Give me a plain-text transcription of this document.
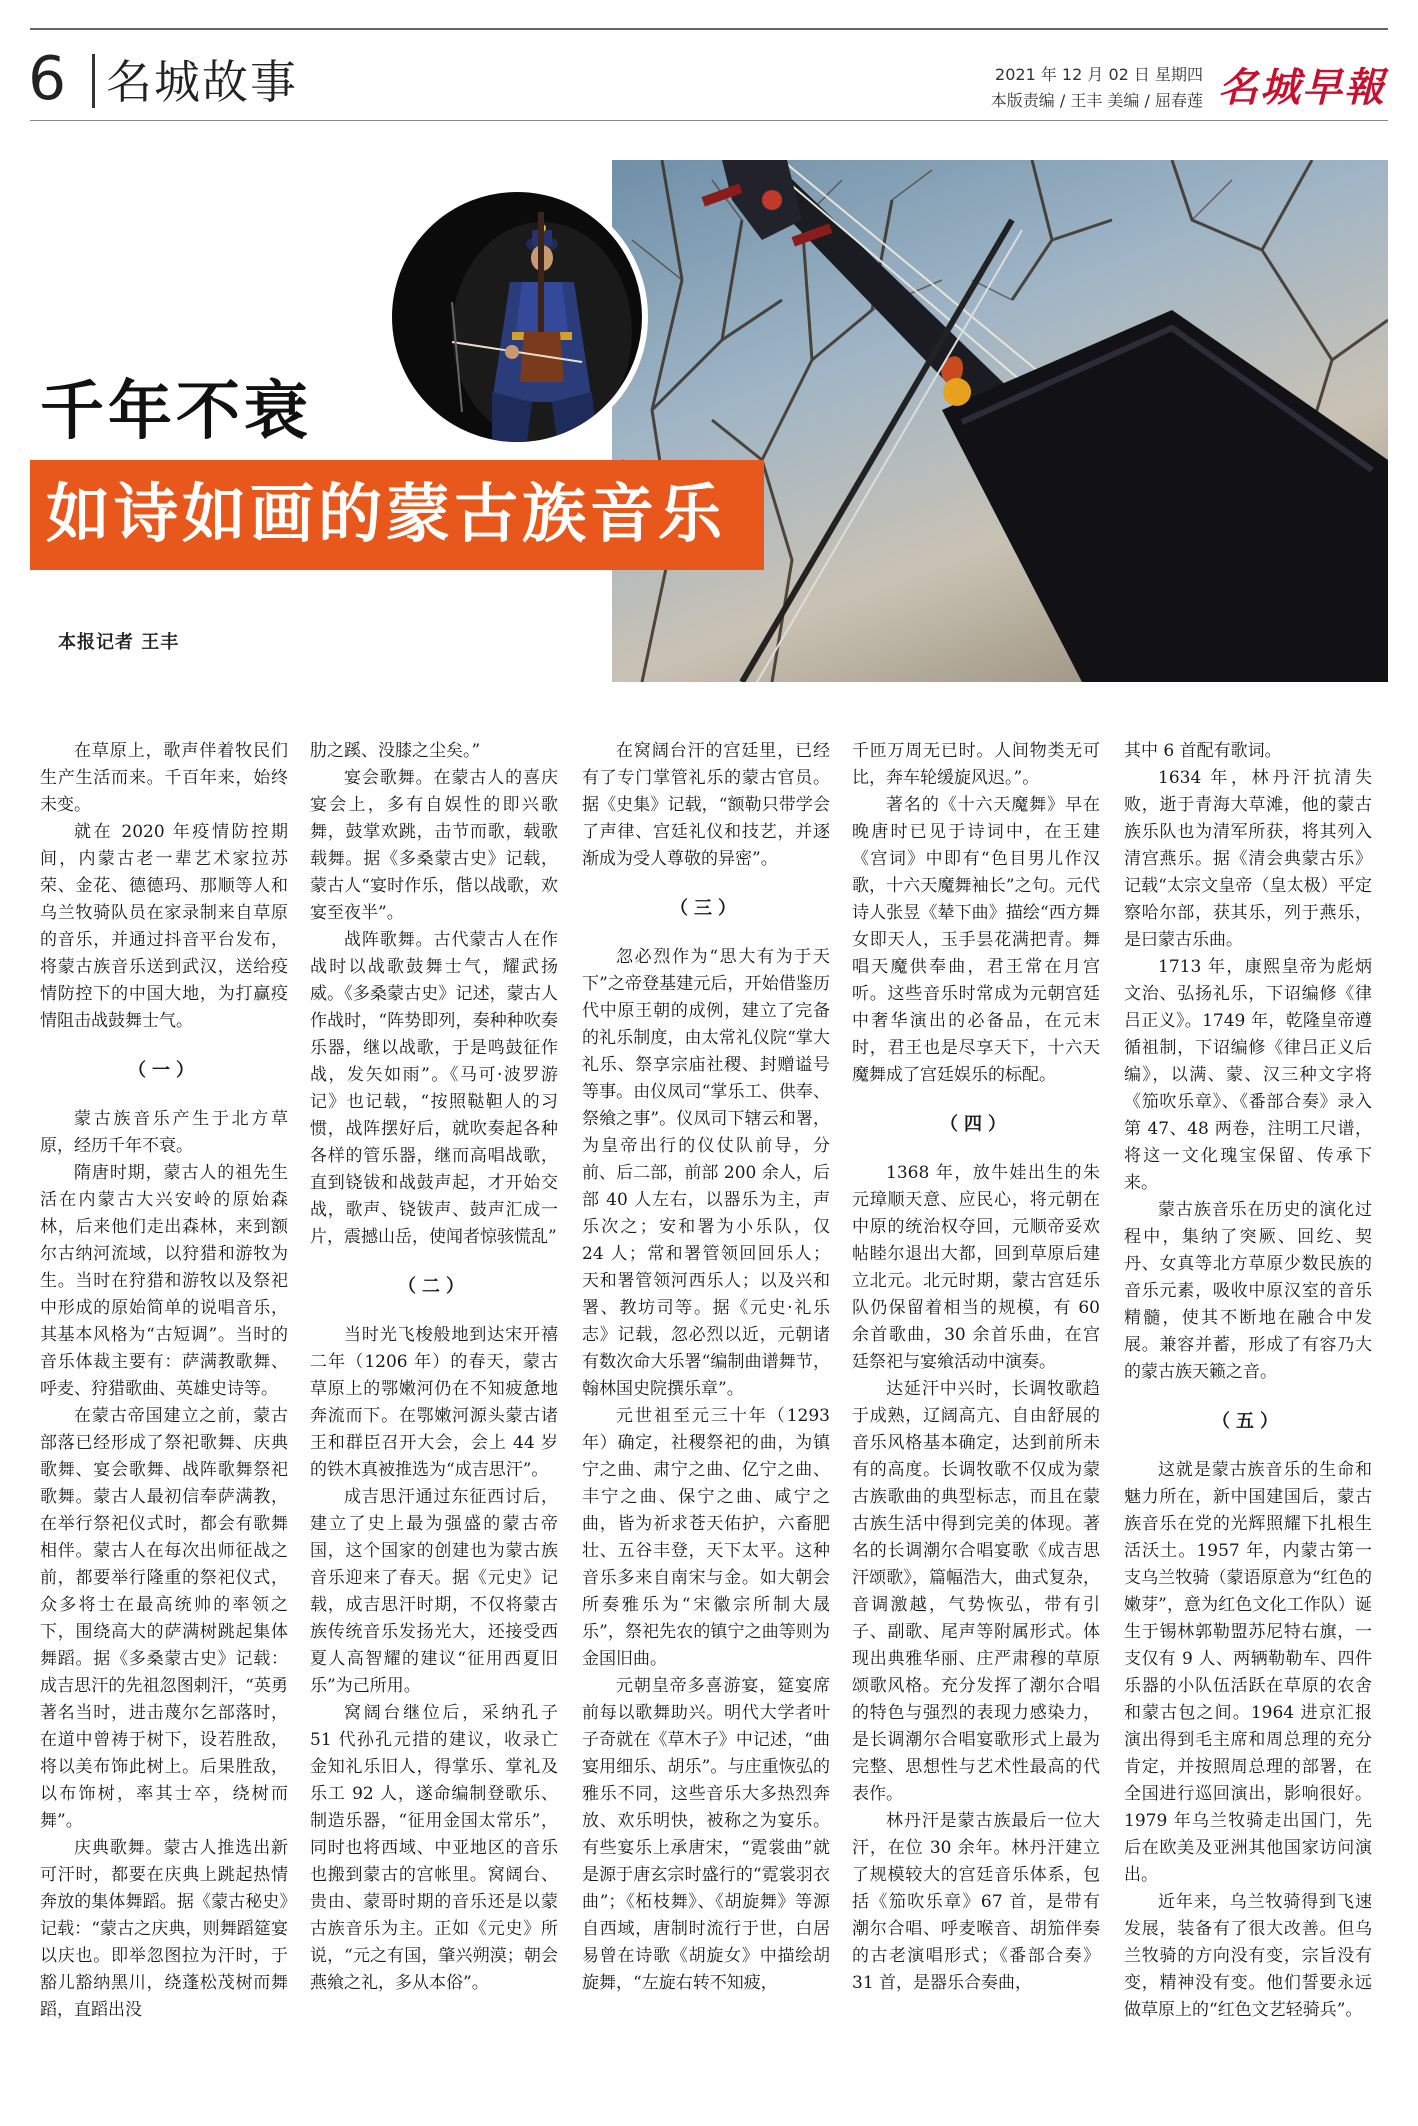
6 名城故事	2021 年 12 月 02 日 星期四
本版责编 / 王丰 美编 / 屈春莲 名城早報
千年不衰
如诗如画的蒙古族音乐
本报记者 王丰

在草原上，歌声伴着牧民们生产生活而来。千百年来，始终未变。

就在 2020 年疫情防控期间，内蒙古老一辈艺术家拉苏荣、金花、德德玛、那顺等人和乌兰牧骑队员在家录制来自草原的音乐，并通过抖音平台发布，将蒙古族音乐送到武汉，送给疫情防控下的中国大地，为打赢疫情阻击战鼓舞士气。

（一）

蒙古族音乐产生于北方草原，经历千年不衰。

隋唐时期，蒙古人的祖先生活在内蒙古大兴安岭的原始森林，后来他们走出森林，来到额尔古纳河流域，以狩猎和游牧为生。当时在狩猎和游牧以及祭祀中形成的原始简单的说唱音乐，其基本风格为“古短调”。当时的音乐体裁主要有：萨满教歌舞、呼麦、狩猎歌曲、英雄史诗等。

在蒙古帝国建立之前，蒙古部落已经形成了祭祀歌舞、庆典歌舞、宴会歌舞、战阵歌舞祭祀歌舞。蒙古人最初信奉萨满教，在举行祭祀仪式时，都会有歌舞相伴。蒙古人在每次出师征战之前，都要举行隆重的祭祀仪式，众多将士在最高统帅的率领之下，围绕高大的萨满树跳起集体舞蹈。据《多桑蒙古史》记载：成吉思汗的先祖忽图剌汗，“英勇著名当时，进击蔑尔乞部落时，在道中曾祷于树下，设若胜敌，将以美布饰此树上。后果胜敌，以布饰树，率其士卒，绕树而舞”。

庆典歌舞。蒙古人推选出新可汗时，都要在庆典上跳起热情奔放的集体舞蹈。据《蒙古秘史》记载：“蒙古之庆典，则舞蹈筵宴以庆也。即举忽图拉为汗时，于豁儿豁纳黑川，绕蓬松茂树而舞蹈，直蹈出没

肋之蹊、没膝之尘矣。”

宴会歌舞。在蒙古人的喜庆宴会上，多有自娱性的即兴歌舞，鼓掌欢跳，击节而歌，载歌载舞。据《多桑蒙古史》记载，蒙古人“宴时作乐，偕以战歌，欢宴至夜半”。

战阵歌舞。古代蒙古人在作战时以战歌鼓舞士气，耀武扬威。《多桑蒙古史》记述，蒙古人作战时，“阵势即列，奏种种吹奏乐器，继以战歌，于是鸣鼓征作战，发矢如雨”。《马可·波罗游记》也记载，“按照鞑靼人的习惯，战阵摆好后，就吹奏起各种各样的管乐器，继而高唱战歌，直到铙钹和战鼓声起，才开始交战，歌声、铙钹声、鼓声汇成一片，震撼山岳，使闻者惊骇慌乱”

（二）

当时光飞梭般地到达宋开禧二年（1206 年）的春天，蒙古草原上的鄂嫩河仍在不知疲惫地奔流而下。在鄂嫩河源头蒙古诸王和群臣召开大会，会上 44 岁的铁木真被推选为“成吉思汗”。

成吉思汗通过东征西讨后，建立了史上最为强盛的蒙古帝国，这个国家的创建也为蒙古族音乐迎来了春天。据《元史》记载，成吉思汗时期，不仅将蒙古族传统音乐发扬光大，还接受西夏人高智耀的建议“征用西夏旧乐”为己所用。

窝阔台继位后，采纳孔子 51 代孙孔元措的建议，收录亡金知礼乐旧人，得掌乐、掌礼及乐工 92 人，遂命编制登歌乐、制造乐器，“征用金国太常乐”，同时也将西域、中亚地区的音乐也搬到蒙古的宫帐里。窝阔台、贵由、蒙哥时期的音乐还是以蒙古族音乐为主。正如《元史》所说，“元之有国，肇兴朔漠；朝会燕飨之礼，多从本俗”。

在窝阔台汗的宫廷里，已经有了专门掌管礼乐的蒙古官员。据《史集》记载，“额勒只带学会了声律、宫廷礼仪和技艺，并逐渐成为受人尊敬的异密”。

（三）

忽必烈作为“思大有为于天下”之帝登基建元后，开始借鉴历代中原王朝的成例，建立了完备的礼乐制度，由太常礼仪院“掌大礼乐、祭享宗庙社稷、封赠谥号等事。由仪凤司“掌乐工、供奉、祭飨之事”。仪凤司下辖云和署，为皇帝出行的仪仗队前导，分前、后二部，前部 200 余人，后部 40 人左右，以器乐为主，声乐次之；安和署为小乐队，仅 24 人；常和署管领回回乐人；天和署管领河西乐人；以及兴和署、教坊司等。据《元史·礼乐志》记载，忽必烈以近，元朝诸有数次命大乐署“编制曲谱舞节，翰林国史院撰乐章”。

元世祖至元三十年（1293年）确定，社稷祭祀的曲，为镇宁之曲、肃宁之曲、亿宁之曲、丰宁之曲、保宁之曲、咸宁之曲，皆为祈求苍天佑护，六畜肥壮、五谷丰登，天下太平。这种音乐多来自南宋与金。如大朝会所奏雅乐为“宋徽宗所制大晟乐”，祭祀先农的镇宁之曲等则为金国旧曲。

元朝皇帝多喜游宴，筵宴席前每以歌舞助兴。明代大学者叶子奇就在《草木子》中记述，“曲宴用细乐、胡乐”。与庄重恢弘的雅乐不同，这些音乐大多热烈奔放、欢乐明快，被称之为宴乐。有些宴乐上承唐宋，“霓裳曲”就是源于唐玄宗时盛行的“霓裳羽衣曲”；《柘枝舞》、《胡旋舞》等源自西域，唐制时流行于世，白居易曾在诗歌《胡旋女》中描绘胡旋舞，“左旋右转不知疲，

千匝万周无已时。人间物类无可比，奔车轮缓旋风迟。”。

著名的《十六天魔舞》早在晚唐时已见于诗词中，在王建《宫词》中即有“色目男儿作汉歌，十六天魔舞袖长”之句。元代诗人张昱《辇下曲》描绘“西方舞女即天人，玉手昙花满把青。舞唱天魔供奉曲，君王常在月宫听。这些音乐时常成为元朝宫廷中奢华演出的必备品，在元末时，君王也是尽享天下，十六天魔舞成了宫廷娱乐的标配。

（四）

1368 年，放牛娃出生的朱元璋顺天意、应民心，将元朝在中原的统治权夺回，元顺帝妥欢帖睦尔退出大都，回到草原后建立北元。北元时期，蒙古宫廷乐队仍保留着相当的规模，有 60 余首歌曲，30 余首乐曲，在宫廷祭祀与宴飨活动中演奏。

达延汗中兴时，长调牧歌趋于成熟，辽阔高亢、自由舒展的音乐风格基本确定，达到前所未有的高度。长调牧歌不仅成为蒙古族歌曲的典型标志，而且在蒙古族生活中得到完美的体现。著名的长调潮尔合唱宴歌《成吉思汗颂歌》，篇幅浩大，曲式复杂，音调激越，气势恢弘，带有引子、副歌、尾声等附属形式。体现出典雅华丽、庄严肃穆的草原颂歌风格。充分发挥了潮尔合唱的特色与强烈的表现力感染力，是长调潮尔合唱宴歌形式上最为完整、思想性与艺术性最高的代表作。

林丹汗是蒙古族最后一位大汗，在位 30 余年。林丹汗建立了规模较大的宫廷音乐体系，包括《笳吹乐章》67 首，是带有潮尔合唱、呼麦喉音、胡笳伴奏的古老演唱形式；《番部合奏》31 首，是器乐合奏曲，

其中 6 首配有歌词。

1634 年，林丹汗抗清失败，逝于青海大草滩，他的蒙古族乐队也为清军所获，将其列入清宫燕乐。据《清会典蒙古乐》记载“太宗文皇帝（皇太极）平定察哈尔部，获其乐，列于燕乐，是曰蒙古乐曲。

1713 年，康熙皇帝为彪炳文治、弘扬礼乐，下诏编修《律吕正义》。1749 年，乾隆皇帝遵循祖制，下诏编修《律吕正义后编》，以满、蒙、汉三种文字将《笳吹乐章》、《番部合奏》录入第 47、48 两卷，注明工尺谱，将这一文化瑰宝保留、传承下来。

蒙古族音乐在历史的演化过程中，集纳了突厥、回纥、契丹、女真等北方草原少数民族的音乐元素，吸收中原汉室的音乐精髓，使其不断地在融合中发展。兼容并蓄，形成了有容乃大的蒙古族天籁之音。

（五）

这就是蒙古族音乐的生命和魅力所在，新中国建国后，蒙古族音乐在党的光辉照耀下扎根生活沃土。1957 年，内蒙古第一支乌兰牧骑（蒙语原意为“红色的嫩芽”，意为红色文化工作队）诞生于锡林郭勒盟苏尼特右旗，一支仅有 9 人、两辆勒勒车、四件乐器的小队伍活跃在草原的农舍和蒙古包之间。1964 进京汇报演出得到毛主席和周总理的充分肯定，并按照周总理的部署，在全国进行巡回演出，影响很好。1979 年乌兰牧骑走出国门，先后在欧美及亚洲其他国家访问演出。

近年来，乌兰牧骑得到飞速发展，装备有了很大改善。但乌兰牧骑的方向没有变，宗旨没有变，精神没有变。他们誓要永远做草原上的“红色文艺轻骑兵”。
